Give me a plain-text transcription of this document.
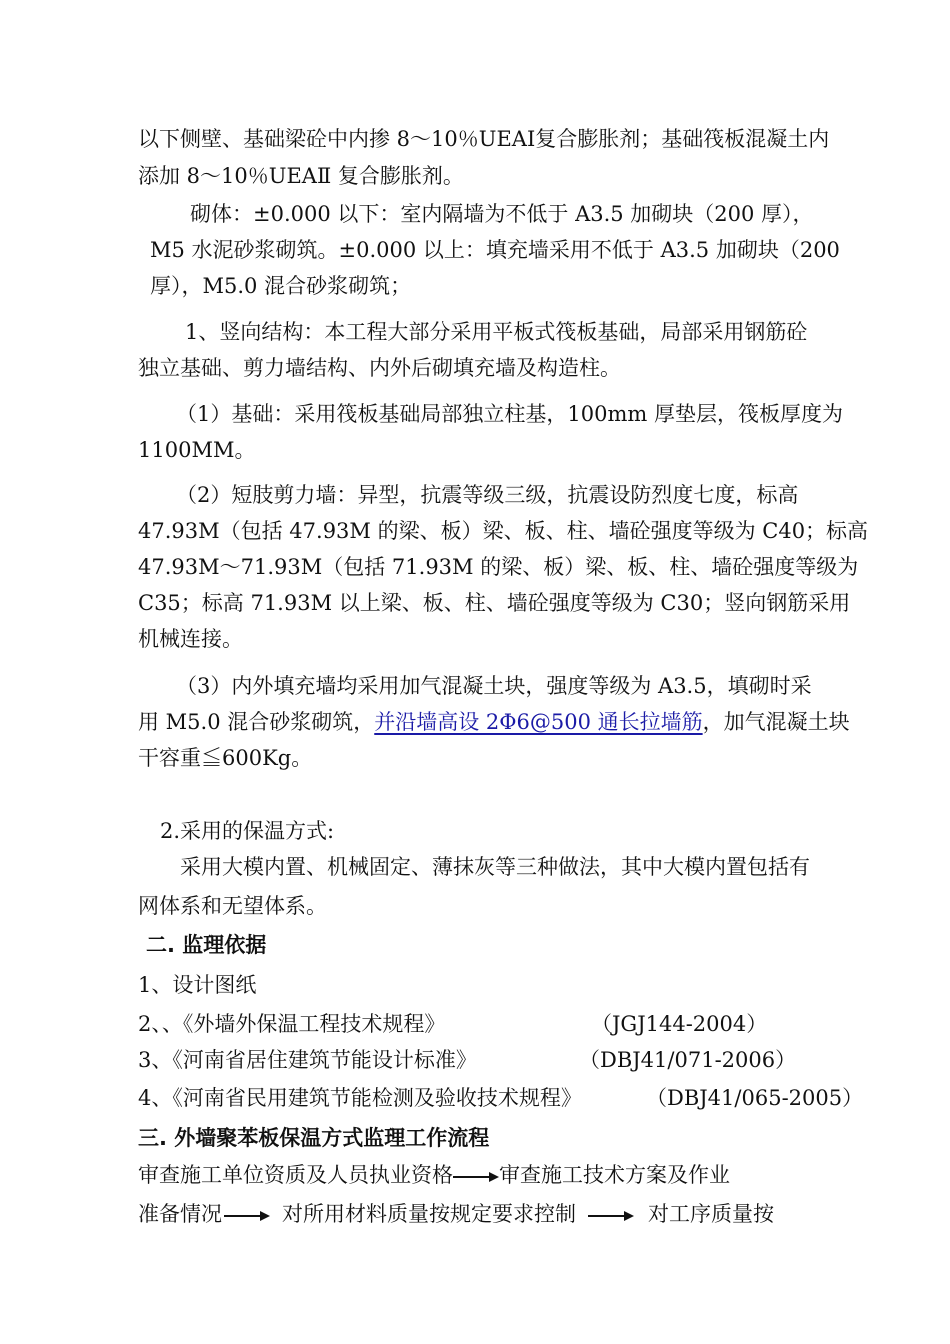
以下侧壁、基础梁砼中内掺 8～10％UEAI复合膨胀剂；基础筏板混凝土内
添加 8～10％UEAⅡ 复合膨胀剂。
砌体：±0.000 以下：室内隔墙为不低于 A3.5 加砌块（200 厚），
M5 水泥砂浆砌筑。±0.000 以上：填充墙采用不低于 A3.5 加砌块（200
厚），M5.0 混合砂浆砌筑；
1、竖向结构：本工程大部分采用平板式筏板基础，局部采用钢筋砼
独立基础、剪力墙结构、内外后砌填充墙及构造柱。
（1）基础：采用筏板基础局部独立柱基，100mm 厚垫层，筏板厚度为
1100MM。
（2）短肢剪力墙：异型，抗震等级三级，抗震设防烈度七度，标高
47.93M（包括 47.93M 的梁、板）梁、板、柱、墙砼强度等级为 C40；标高
47.93M～71.93M（包括 71.93M 的梁、板）梁、板、柱、墙砼强度等级为
C35；标高 71.93M 以上梁、板、柱、墙砼强度等级为 C30；竖向钢筋采用
机械连接。
（3）内外填充墙均采用加气混凝土块，强度等级为 A3.5，填砌时采
用 M5.0 混合砂浆砌筑，并沿墙高设 2Φ6@500 通长拉墙筋，加气混凝土块
干容重≦600Kg。
2.采用的保温方式:
采用大模内置、机械固定、薄抹灰等三种做法，其中大模内置包括有
网体系和无望体系。
二. 监理依据
1、设计图纸
2、、《外墙外保温工程技术规程》	（JGJ144-2004）
3、《河南省居住建筑节能设计标准》	（DBJ41/071-2006）
4、《河南省民用建筑节能检测及验收技术规程》	（DBJ41/065-2005）
三. 外墙聚苯板保温方式监理工作流程
审查施工单位资质及人员执业资格 审查施工技术方案及作业
准备情况	对所用材料质量按规定要求控制	对工序质量按
